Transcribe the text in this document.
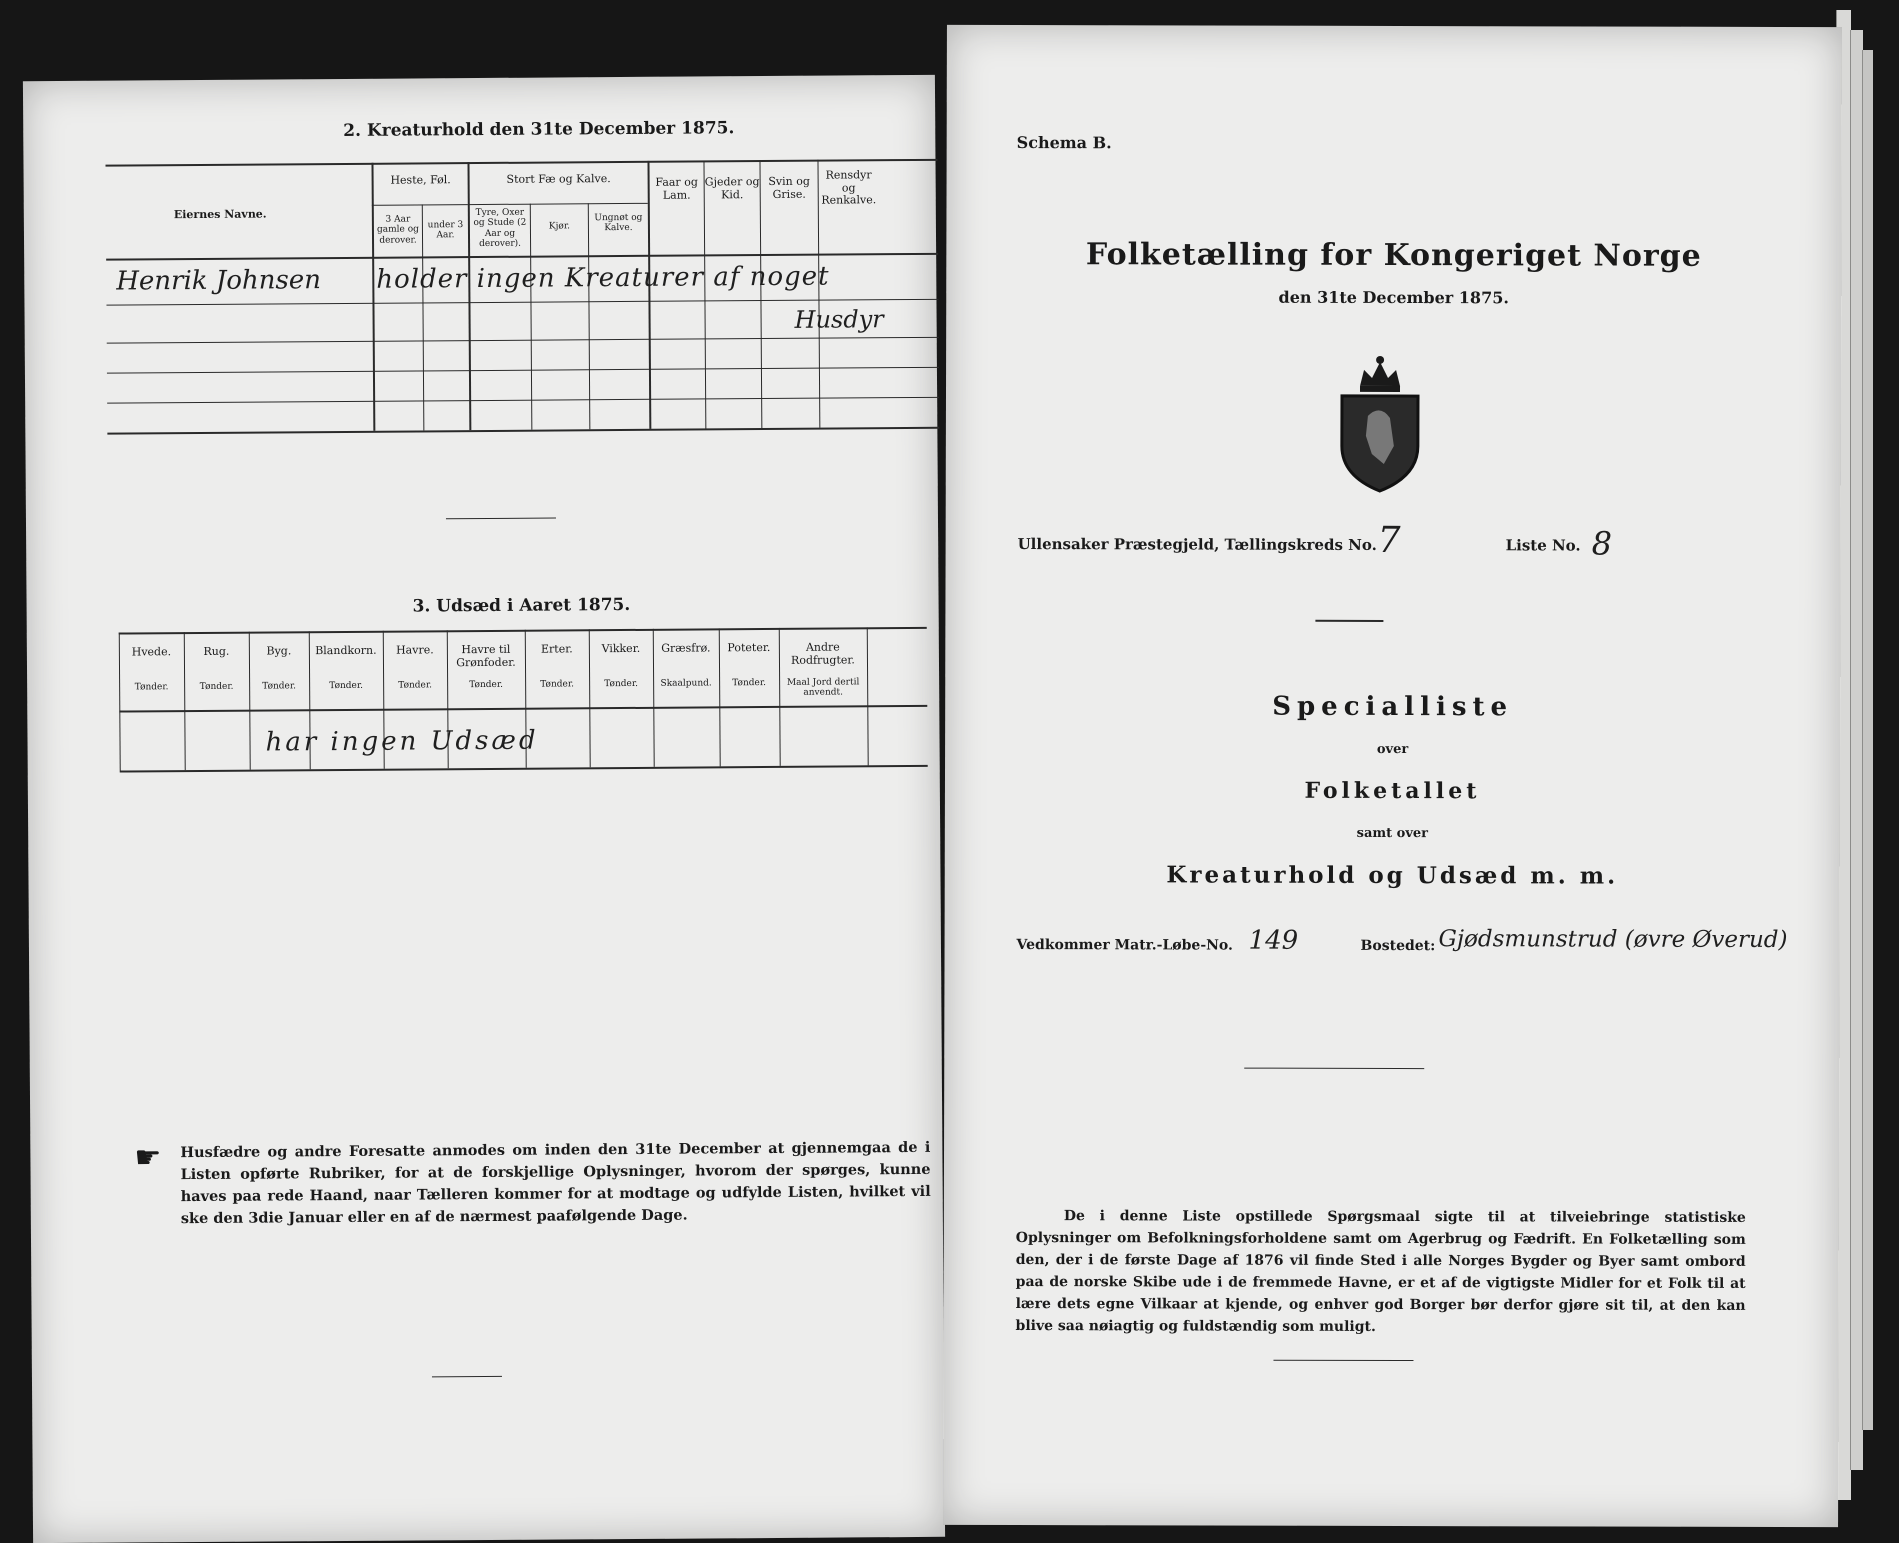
2. Kreaturhold den 31te December 1875.
Eiernes Navne.
Heste, Føl.
3 Aar gamle og derover.
under 3 Aar.
Stort Fæ og Kalve.
Tyre, Oxer og Stude (2 Aar og derover).
Kjør.
Ungnøt og Kalve.
Faar og Lam.
Gjeder og Kid.
Svin og Grise.
Rensdyr og Renkalve.
Henrik Johnsen holder ingen Kreaturer af noget
Husdyr
3. Udsæd i Aaret 1875.
Hvede.
Tønder.
Rug.
Tønder.
Byg.
Tønder.
Blandkorn.
Tønder.
Havre.
Tønder.
Havre til Grønfoder.
Tønder.
Erter.
Tønder.
Vikker.
Tønder.
Græsfrø.
Skaalpund.
Poteter.
Tønder.
Andre Rodfrugter.
Maal Jord dertil anvendt.
har ingen Udsæd
☛ Husfædre og andre Foresatte anmodes om inden den 31te December at gjennemgaa de i Listen opførte Rubriker, for at de forskjellige Oplysninger, hvorom der spørges, kunne haves paa rede Haand, naar Tælleren kommer for at modtage og udfylde Listen, hvilket vil ske den 3die Januar eller en af de nærmest paafølgende Dage.
Schema B.
Folketælling for Kongeriget Norge
den 31te December 1875.
Ullensaker Præstegjeld, Tællingskreds No. 7	Liste No. 8
Specialliste
over
Folketallet
samt over
Kreaturhold og Udsæd m. m.
Vedkommer Matr.-Løbe-No. 149	Bostedet: Gjødsmunstrud (øvre Øverud)
De i denne Liste opstillede Spørgsmaal sigte til at tilveiebringe statistiske Oplysninger om Befolkningsforholdene samt om Agerbrug og Fædrift. En Folketælling som den, der i de første Dage af 1876 vil finde Sted i alle Norges Bygder og Byer samt ombord paa de norske Skibe ude i de fremmede Havne, er et af de vigtigste Midler for et Folk til at lære dets egne Vilkaar at kjende, og enhver god Borger bør derfor gjøre sit til, at den kan blive saa nøiagtig og fuldstændig som muligt.
